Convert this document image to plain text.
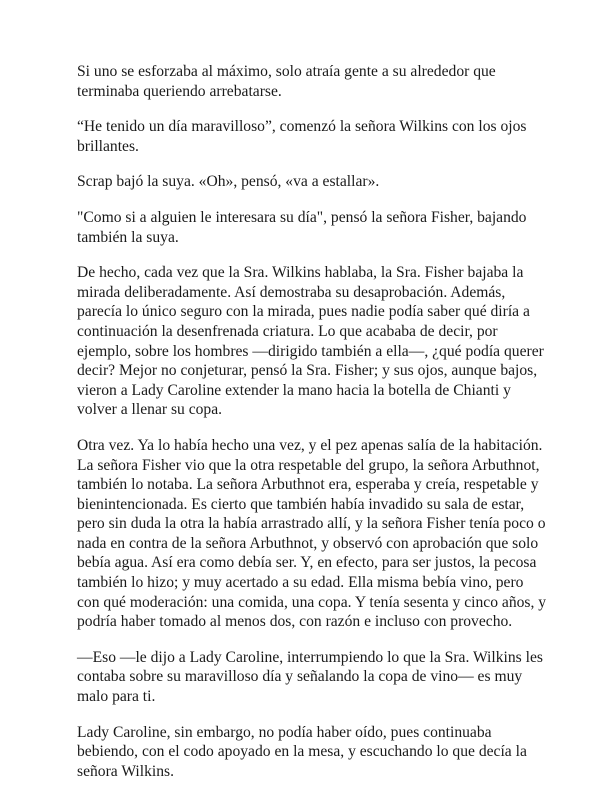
Si uno se esforzaba al máximo, solo atraía gente a su alrededor que terminaba queriendo arrebatarse.

“He tenido un día maravilloso”, comenzó la señora Wilkins con los ojos brillantes.

Scrap bajó la suya. «Oh», pensó, «va a estallar».

"Como si a alguien le interesara su día", pensó la señora Fisher, bajando también la suya.

De hecho, cada vez que la Sra. Wilkins hablaba, la Sra. Fisher bajaba la mirada deliberadamente. Así demostraba su desaprobación. Además, parecía lo único seguro con la mirada, pues nadie podía saber qué diría a continuación la desenfrenada criatura. Lo que acababa de decir, por ejemplo, sobre los hombres —dirigido también a ella—, ¿qué podía querer decir? Mejor no conjeturar, pensó la Sra. Fisher; y sus ojos, aunque bajos, vieron a Lady Caroline extender la mano hacia la botella de Chianti y volver a llenar su copa.

Otra vez. Ya lo había hecho una vez, y el pez apenas salía de la habitación. La señora Fisher vio que la otra respetable del grupo, la señora Arbuthnot, también lo notaba. La señora Arbuthnot era, esperaba y creía, respetable y bienintencionada. Es cierto que también había invadido su sala de estar, pero sin duda la otra la había arrastrado allí, y la señora Fisher tenía poco o nada en contra de la señora Arbuthnot, y observó con aprobación que solo bebía agua. Así era como debía ser. Y, en efecto, para ser justos, la pecosa también lo hizo; y muy acertado a su edad. Ella misma bebía vino, pero con qué moderación: una comida, una copa. Y tenía sesenta y cinco años, y podría haber tomado al menos dos, con razón e incluso con provecho.

—Eso —le dijo a Lady Caroline, interrumpiendo lo que la Sra. Wilkins les contaba sobre su maravilloso día y señalando la copa de vino— es muy malo para ti.

Lady Caroline, sin embargo, no podía haber oído, pues continuaba bebiendo, con el codo apoyado en la mesa, y escuchando lo que decía la señora Wilkins.
